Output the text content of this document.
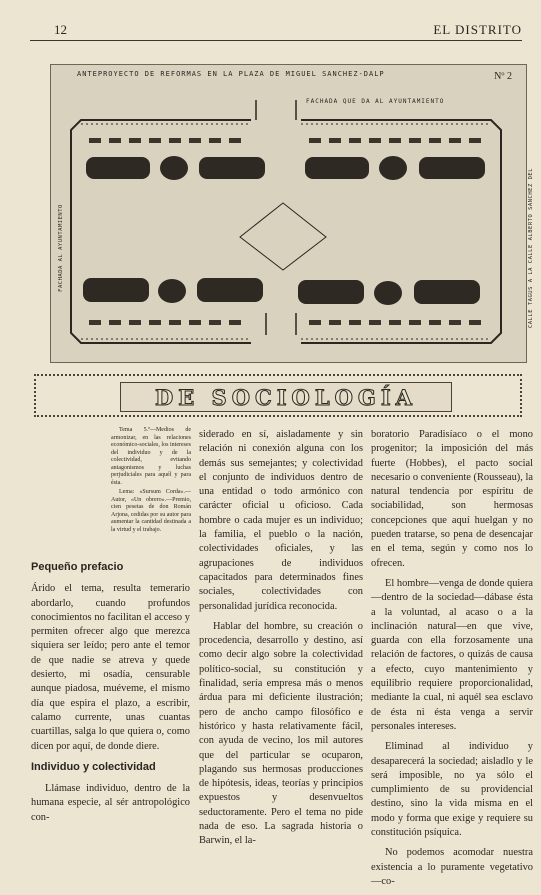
12	EL DISTRITO
ANTEPROYECTO DE REFORMAS EN LA PLAZA DE MIGUEL SANCHEZ-DALP	Nº 2
FACHADA QUE DA AL AYUNTAMIENTO
FACHADA AL AYUNTAMIENTO	CALLE TAGUS A LA CALLE ALBERTO SANCHEZ DEL
DE SOCIOLOGÍA

Tema 5.º—Medios de armonizar, en las relaciones económico-sociales, los intereses del individuo y de la colectividad, evitando antagonismos y luchas perjudiciales para aquél y para ésta.

Lema: «Sursum Corda».—Autor, «Un obrero».—Premio, cien pesetas de don Román Arjona, cedidas por su autor para aumentar la cantidad destinada a la virtud y el trabajo.

Pequeño prefacio

Árido el tema, resulta temerario abordarlo, cuando profundos conocimientos no facilitan el acceso y permiten ofrecer algo que merezca siquiera ser leído; pero ante el temor de que nadie se atreva y quede desierto, mi osadía, censurable aunque piadosa, muéveme, el mismo día que espira el plazo, a escribir, calamo currente, unas cuantas cuartillas, salga lo que quiera o, como dicen por aquí, de donde diere.

Individuo y colectividad

Llámase individuo, dentro de la humana especie, al sér antropológico con-

siderado en sí, aisladamente y sin relación ni conexión alguna con los demás sus semejantes; y colectividad el conjunto de individuos dentro de una entidad o todo armónico con carácter oficial u oficioso. Cada hombre o cada mujer es un individuo; la familia, el pueblo o la nación, colectividades oficiales, y las agrupaciones de individuos capacitados para determinados fines sociales, colectividades con personalidad jurídica reconocida.

Hablar del hombre, su creación o procedencia, desarrollo y destino, así como decir algo sobre la colectividad político-social, su constitución y finalidad, sería empresa más o menos árdua para mi deficiente ilustración; pero de ancho campo filosófico e histórico y hasta relativamente fácil, con ayuda de vecino, los mil autores que del particular se ocuparon, plagando sus hermosas producciones de hipótesis, ideas, teorías y principios expuestos y desenvueltos seductoramente. Pero el tema no pide nada de eso. La sagrada historia o Barwin, el la-

boratorio Paradisíaco o el mono progenitor; la imposición del más fuerte (Hobbes), el pacto social necesario o conveniente (Rousseau), la natural tendencia por espíritu de sociabilidad, son hermosas concepciones que aquí huelgan y no pueden tratarse, so pena de desencajar en el tema, según y como nos lo ofrecen.

El hombre—venga de donde quiera—dentro de la sociedad—dábase ésta a la voluntad, al acaso o a la inclinación natural—en que vive, guarda con ella forzosamente una relación de factores, o quizás de causa a efecto, cuyo mantenimiento y equilibrio requiere proporcionalidad, mediante la cual, ni aquél sea esclavo de ésta ni ésta venga a servir personales intereses.

Eliminad al individuo y desaparecerá la sociedad; aisladlo y le será imposible, no ya sólo el cumplimiento de su providencial destino, sino la vida misma en el modo y forma que exige y requiere su constitución psíquica.

No podemos acomodar nuestra existencia a lo puramente vegetativo—co-
